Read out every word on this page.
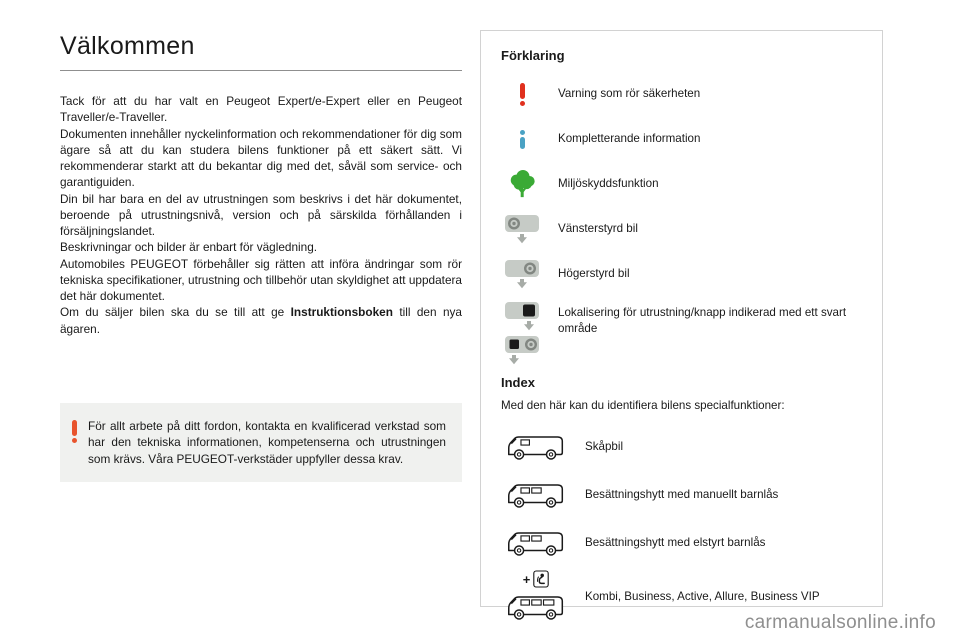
Välkommen

Tack för att du har valt en Peugeot Expert/e-Expert eller en Peugeot Traveller/e-Traveller.

Dokumenten innehåller nyckelinformation och rekommendationer för dig som ägare så att du kan studera bilens funktioner på ett säkert sätt. Vi rekommenderar starkt att du bekantar dig med det, såväl som service- och garantiguiden.

Din bil har bara en del av utrustningen som beskrivs i det här dokumentet, beroende på utrustningsnivå, version och på särskilda förhållanden i försäljningslandet.

Beskrivningar och bilder är enbart för vägledning.

Automobiles PEUGEOT förbehåller sig rätten att införa ändringar som rör tekniska specifikationer, utrustning och tillbehör utan skyldighet att uppdatera det här dokumentet.

Om du säljer bilen ska du se till att ge Instruktionsboken till den nya ägaren.

För allt arbete på ditt fordon, kontakta en kvalificerad verkstad som har den tekniska informationen, kompetenserna och utrustningen som krävs. Våra PEUGEOT-verkstäder uppfyller dessa krav.

Förklaring
Varning som rör säkerheten
Kompletterande information
Miljöskyddsfunktion
Vänsterstyrd bil
Högerstyrd bil
Lokalisering för utrustning/knapp indikerad med ett svart område
Index

Med den här kan du identifiera bilens specialfunktioner:

Skåpbil
Besättningshytt med manuellt barnlås
Besättningshytt med elstyrt barnlås
+
Kombi, Business, Active, Allure, Business VIP
carmanualsonline.info
